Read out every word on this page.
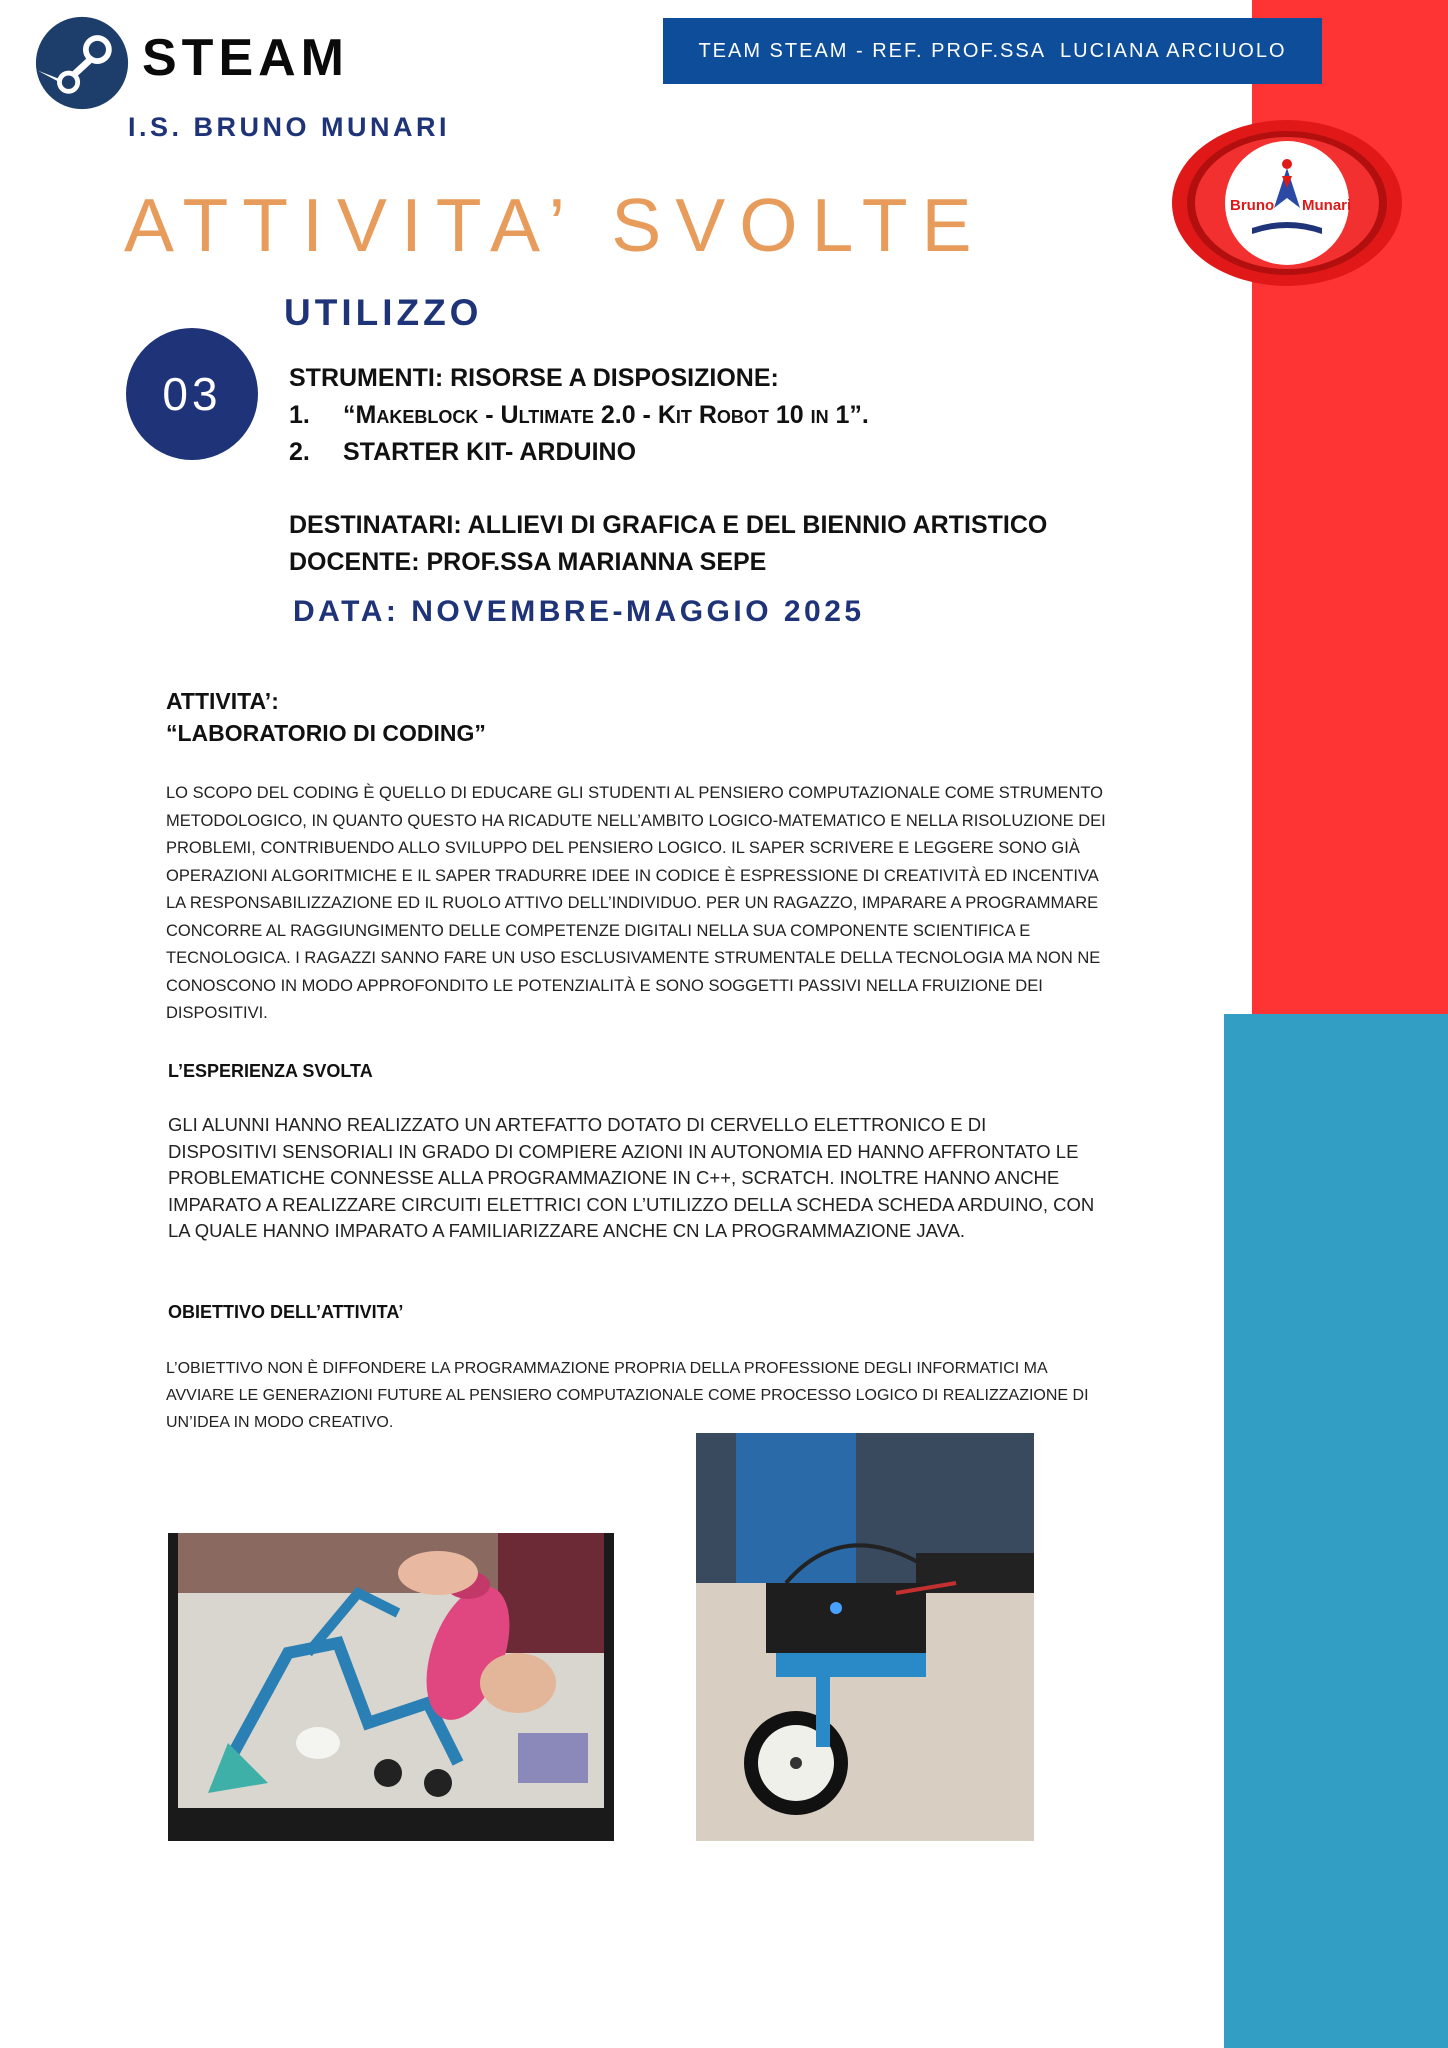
STEAM
I.S. BRUNO MUNARI
TEAM STEAM - REF. PROF.SSA  LUCIANA ARCIUOLO
Bruno Munari
ATTIVITA’ SVOLTE
UTILIZZO
03	STRUMENTI: RISORSE A DISPOSIZIONE:
1. “Makeblock - Ultimate 2.0 - Kit Robot 10 in 1”.
2. STARTER KIT- ARDUINO
DESTINATARI: ALLIEVI DI GRAFICA E DEL BIENNIO ARTISTICO
DOCENTE: PROF.SSA MARIANNA SEPE
DATA: NOVEMBRE-MAGGIO 2025
ATTIVITA’:
“LABORATORIO DI CODING”
LO SCOPO DEL CODING È QUELLO DI EDUCARE GLI STUDENTI AL PENSIERO COMPUTAZIONALE COME STRUMENTO METODOLOGICO, IN QUANTO QUESTO HA RICADUTE NELL’AMBITO LOGICO-MATEMATICO E NELLA RISOLUZIONE DEI PROBLEMI, CONTRIBUENDO ALLO SVILUPPO DEL PENSIERO LOGICO. IL SAPER SCRIVERE E LEGGERE SONO GIÀ OPERAZIONI ALGORITMICHE E IL SAPER TRADURRE IDEE IN CODICE È ESPRESSIONE DI CREATIVITÀ ED INCENTIVA LA RESPONSABILIZZAZIONE ED IL RUOLO ATTIVO DELL’INDIVIDUO. PER UN RAGAZZO, IMPARARE A PROGRAMMARE CONCORRE AL RAGGIUNGIMENTO DELLE COMPETENZE DIGITALI NELLA SUA COMPONENTE SCIENTIFICA E TECNOLOGICA. I RAGAZZI SANNO FARE UN USO ESCLUSIVAMENTE STRUMENTALE DELLA TECNOLOGIA MA NON NE CONOSCONO IN MODO APPROFONDITO LE POTENZIALITÀ E SONO SOGGETTI PASSIVI NELLA FRUIZIONE DEI DISPOSITIVI.
L’ESPERIENZA SVOLTA
GLI ALUNNI HANNO REALIZZATO UN ARTEFATTO DOTATO DI CERVELLO ELETTRONICO E DI DISPOSITIVI SENSORIALI IN GRADO DI COMPIERE AZIONI IN AUTONOMIA ED HANNO AFFRONTATO LE PROBLEMATICHE CONNESSE ALLA PROGRAMMAZIONE IN C++, SCRATCH. INOLTRE HANNO ANCHE IMPARATO A REALIZZARE CIRCUITI ELETTRICI CON L’UTILIZZO DELLA SCHEDA SCHEDA ARDUINO, CON LA QUALE HANNO IMPARATO A FAMILIARIZZARE ANCHE CN LA PROGRAMMAZIONE JAVA.
OBIETTIVO DELL’ATTIVITA’
L’OBIETTIVO NON È DIFFONDERE LA PROGRAMMAZIONE PROPRIA DELLA PROFESSIONE DEGLI INFORMATICI MA AVVIARE LE GENERAZIONI FUTURE AL PENSIERO COMPUTAZIONALE COME PROCESSO LOGICO DI REALIZZAZIONE DI UN’IDEA IN MODO CREATIVO.
